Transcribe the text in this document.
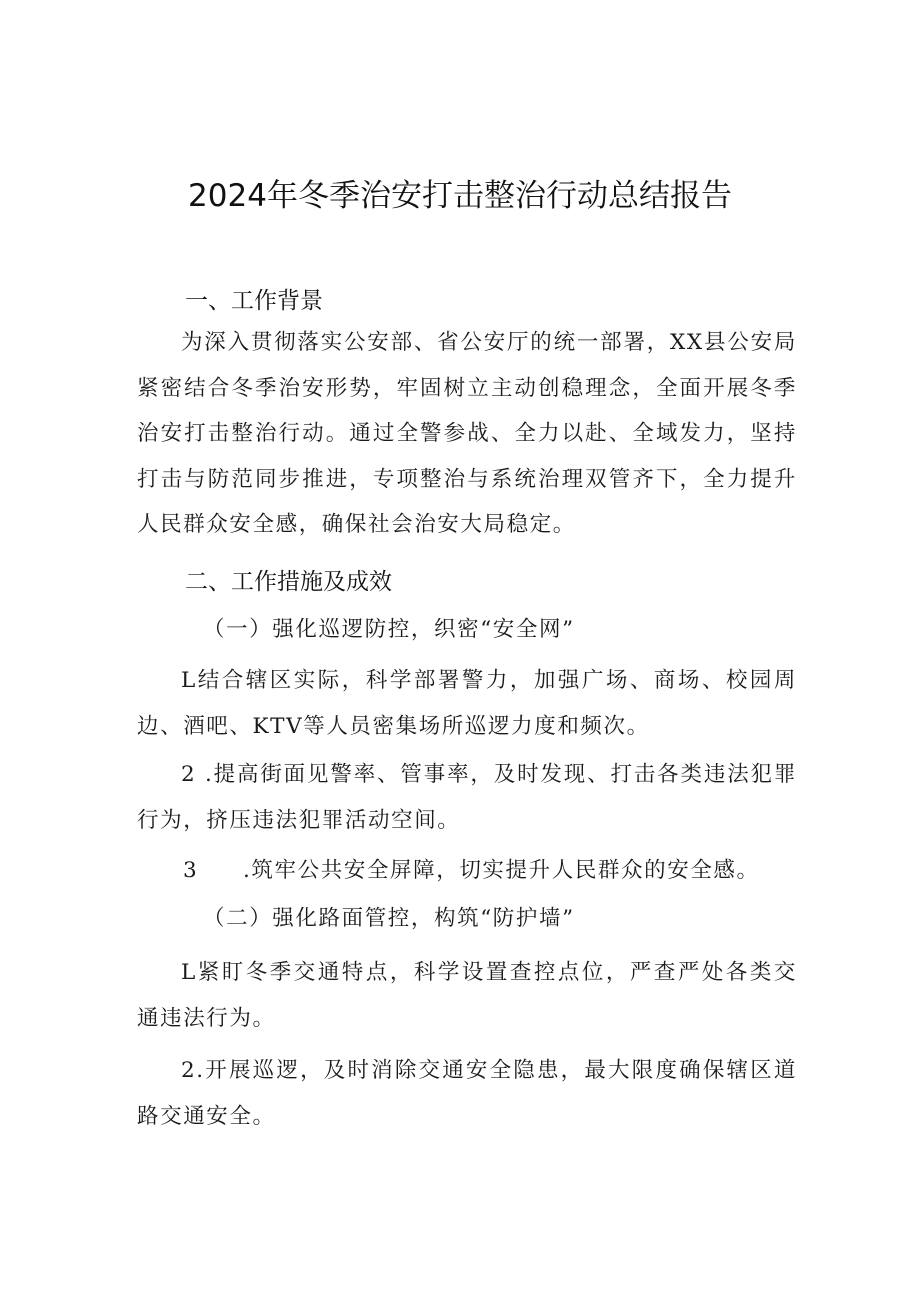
2024年冬季治安打击整治行动总结报告
一、工作背景

为深入贯彻落实公安部、省公安厅的统一部署，XX县公安局紧密结合冬季治安形势，牢固树立主动创稳理念，全面开展冬季治安打击整治行动。通过全警参战、全力以赴、全域发力，坚持打击与防范同步推进，专项整治与系统治理双管齐下，全力提升人民群众安全感，确保社会治安大局稳定。

二、工作措施及成效
（一）强化巡逻防控，织密“安全网”

L结合辖区实际，科学部署警力，加强广场、商场、校园周边、酒吧、KTV等人员密集场所巡逻力度和频次。

2 .提高街面见警率、管事率，及时发现、打击各类违法犯罪行为，挤压违法犯罪活动空间。

3 .筑牢公共安全屏障，切实提升人民群众的安全感。
（二）强化路面管控，构筑“防护墙”

L紧盯冬季交通特点，科学设置查控点位，严查严处各类交通违法行为。

2.开展巡逻，及时消除交通安全隐患，最大限度确保辖区道路交通安全。
